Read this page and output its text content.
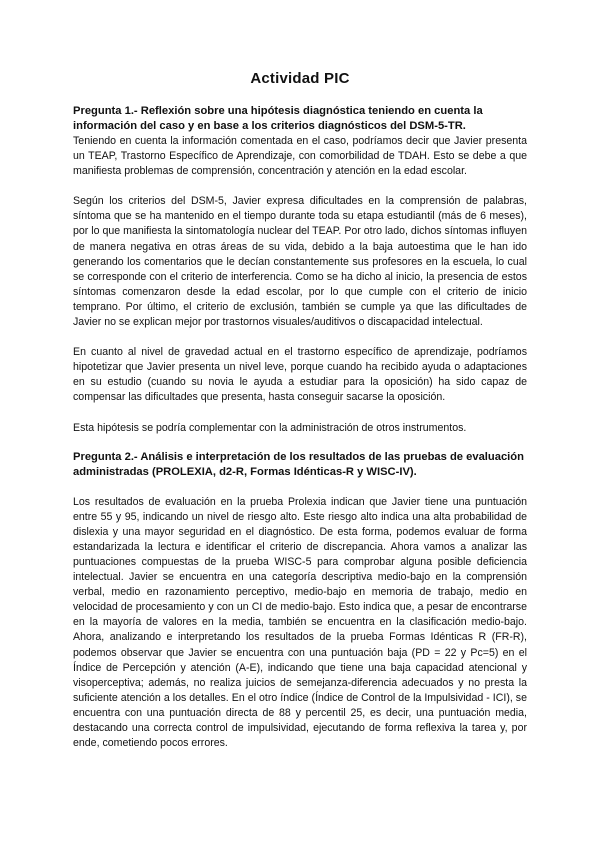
Actividad PIC
Pregunta 1.- Reflexión sobre una hipótesis diagnóstica teniendo en cuenta la información del caso y en base a los criterios diagnósticos del DSM-5-TR.

Teniendo en cuenta la información comentada en el caso, podríamos decir que Javier presenta un TEAP, Trastorno Específico de Aprendizaje, con comorbilidad de TDAH. Esto se debe a que manifiesta problemas de comprensión, concentración y atención en la edad escolar.

Según los criterios del DSM-5, Javier expresa dificultades en la comprensión de palabras, síntoma que se ha mantenido en el tiempo durante toda su etapa estudiantil (más de 6 meses), por lo que manifiesta la sintomatología nuclear del TEAP. Por otro lado, dichos síntomas influyen de manera negativa en otras áreas de su vida, debido a la baja autoestima que le han ido generando los comentarios que le decían constantemente sus profesores en la escuela, lo cual se corresponde con el criterio de interferencia. Como se ha dicho al inicio, la presencia de estos síntomas comenzaron desde la edad escolar, por lo que cumple con el criterio de inicio temprano. Por último, el criterio de exclusión, también se cumple ya que las dificultades de Javier no se explican mejor por trastornos visuales/auditivos o discapacidad intelectual.

En cuanto al nivel de gravedad actual en el trastorno específico de aprendizaje, podríamos hipotetizar que Javier presenta un nivel leve, porque cuando ha recibido ayuda o adaptaciones en su estudio (cuando su novia le ayuda a estudiar para la oposición) ha sido capaz de compensar las dificultades que presenta, hasta conseguir sacarse la oposición.

Esta hipótesis se podría complementar con la administración de otros instrumentos.

Pregunta 2.- Análisis e interpretación de los resultados de las pruebas de evaluación administradas (PROLEXIA, d2-R, Formas Idénticas-R y WISC-IV).

Los resultados de evaluación en la prueba Prolexia indican que Javier tiene una puntuación entre 55 y 95, indicando un nivel de riesgo alto. Este riesgo alto indica una alta probabilidad de dislexia y una mayor seguridad en el diagnóstico. De esta forma, podemos evaluar de forma estandarizada la lectura e identificar el criterio de discrepancia. Ahora vamos a analizar las puntuaciones compuestas de la prueba WISC-5 para comprobar alguna posible deficiencia intelectual. Javier se encuentra en una categoría descriptiva medio-bajo en la comprensión verbal, medio en razonamiento perceptivo, medio-bajo en memoria de trabajo, medio en velocidad de procesamiento y con un CI de medio-bajo. Esto indica que, a pesar de encontrarse en la mayoría de valores en la media, también se encuentra en la clasificación medio-bajo. Ahora, analizando e interpretando los resultados de la prueba Formas Idénticas R (FR-R), podemos observar que Javier se encuentra con una puntuación baja (PD = 22 y Pc=5) en el Índice de Percepción y atención (A-E), indicando que tiene una baja capacidad atencional y visoperceptiva; además, no realiza juicios de semejanza-diferencia adecuados y no presta la suficiente atención a los detalles. En el otro índice (Índice de Control de la Impulsividad - ICI), se encuentra con una puntuación directa de 88 y percentil 25, es decir, una puntuación media, destacando una correcta control de impulsividad, ejecutando de forma reflexiva la tarea y, por ende, cometiendo pocos errores.
